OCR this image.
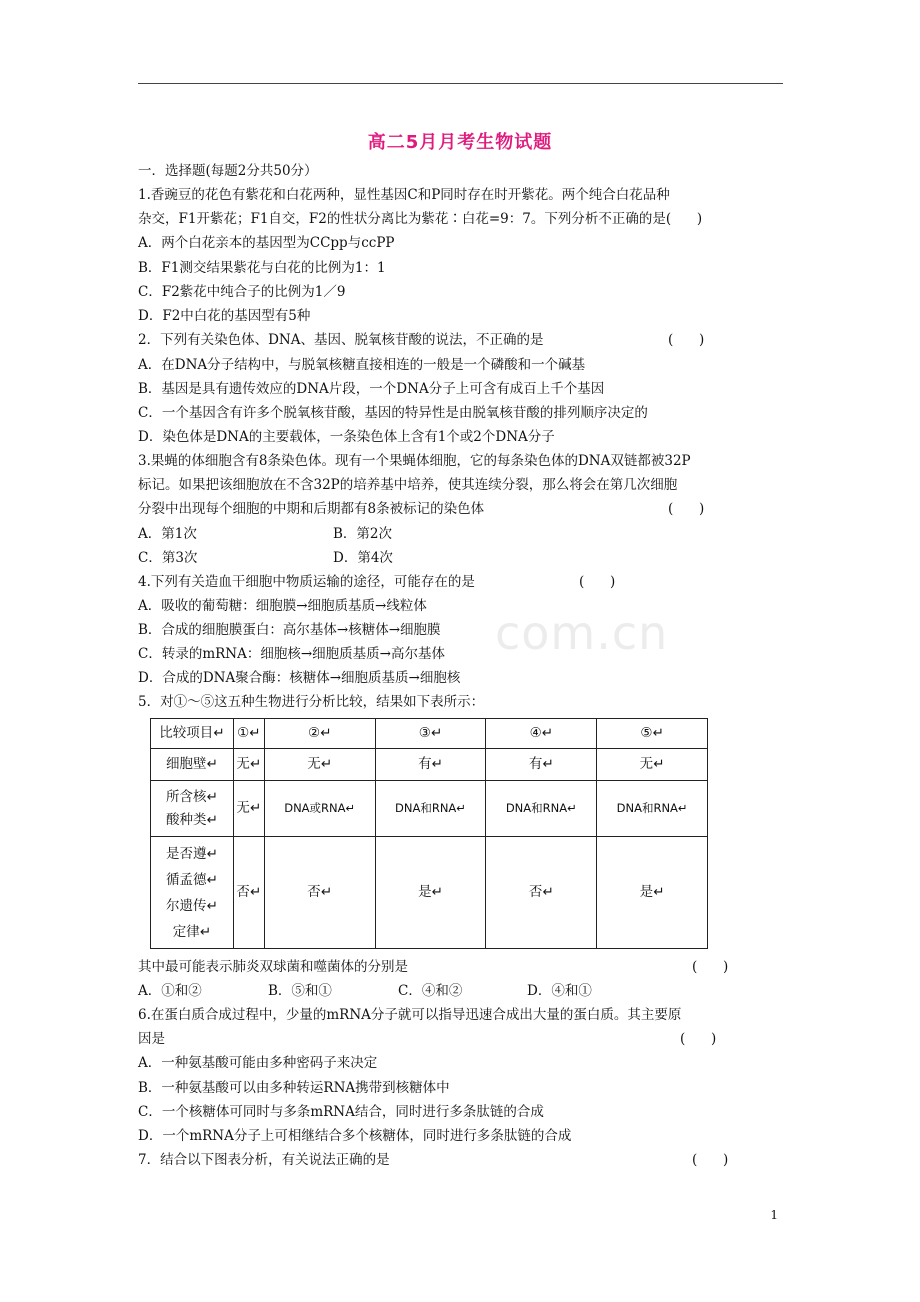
高二5月月考生物试题
com.cn
一．选择题(每题2分共50分）
1.香豌豆的花色有紫花和白花两种，显性基因C和P同时存在时开紫花。两个纯合白花品种
杂交，F1开紫花；F1自交，F2的性状分离比为紫花∶白花=9：7。下列分析不正确的是(      )
A．两个白花亲本的基因型为CCpp与ccPP
B．F1测交结果紫花与白花的比例为1：1
C．F2紫花中纯合子的比例为1／9
D．F2中白花的基因型有5种
2．下列有关染色体、DNA、基因、脱氧核苷酸的说法，不正确的是	(      )
A．在DNA分子结构中，与脱氧核糖直接相连的一般是一个磷酸和一个碱基
B．基因是具有遗传效应的DNA片段，一个DNA分子上可含有成百上千个基因
C．一个基因含有许多个脱氧核苷酸，基因的特异性是由脱氧核苷酸的排列顺序决定的
D．染色体是DNA的主要载体，一条染色体上含有1个或2个DNA分子
3.果蝇的体细胞含有8条染色体。现有一个果蝇体细胞，它的每条染色体的DNA双链都被32P
标记。如果把该细胞放在不含32P的培养基中培养，使其连续分裂，那么将会在第几次细胞
分裂中出现每个细胞的中期和后期都有8条被标记的染色体	(      )
A．第1次	B．第2次
C．第3次	D．第4次
4.下列有关造血干细胞中物质运输的途径，可能存在的是	(      )
A．吸收的葡萄糖：细胞膜→细胞质基质→线粒体
B．合成的细胞膜蛋白：高尔基体→核糖体→细胞膜
C．转录的mRNA：细胞核→细胞质基质→高尔基体
D．合成的DNA聚合酶：核糖体→细胞质基质→细胞核
5．对①～⑤这五种生物进行分析比较，结果如下表所示：
比较项目↵	①↵	②↵	③↵	④↵	⑤↵
细胞壁↵	无↵	无↵	有↵	有↵	无↵

所含核↵
酸种类↵	无↵	DNA或RNA↵	DNA和RNA↵	DNA和RNA↵	DNA和RNA↵

是否遵↵
循孟德↵
尔遗传↵
定律↵	否↵	否↵	是↵	否↵	是↵
其中最可能表示肺炎双球菌和噬菌体的分别是	(      )
A．①和②	B．⑤和①	C．④和②	D．④和①
6.在蛋白质合成过程中，少量的mRNA分子就可以指导迅速合成出大量的蛋白质。其主要原
因是	(      )
A．一种氨基酸可能由多种密码子来决定
B．一种氨基酸可以由多种转运RNA携带到核糖体中
C．一个核糖体可同时与多条mRNA结合，同时进行多条肽链的合成
D．一个mRNA分子上可相继结合多个核糖体，同时进行多条肽链的合成
7．结合以下图表分析，有关说法正确的是	(      )
1
